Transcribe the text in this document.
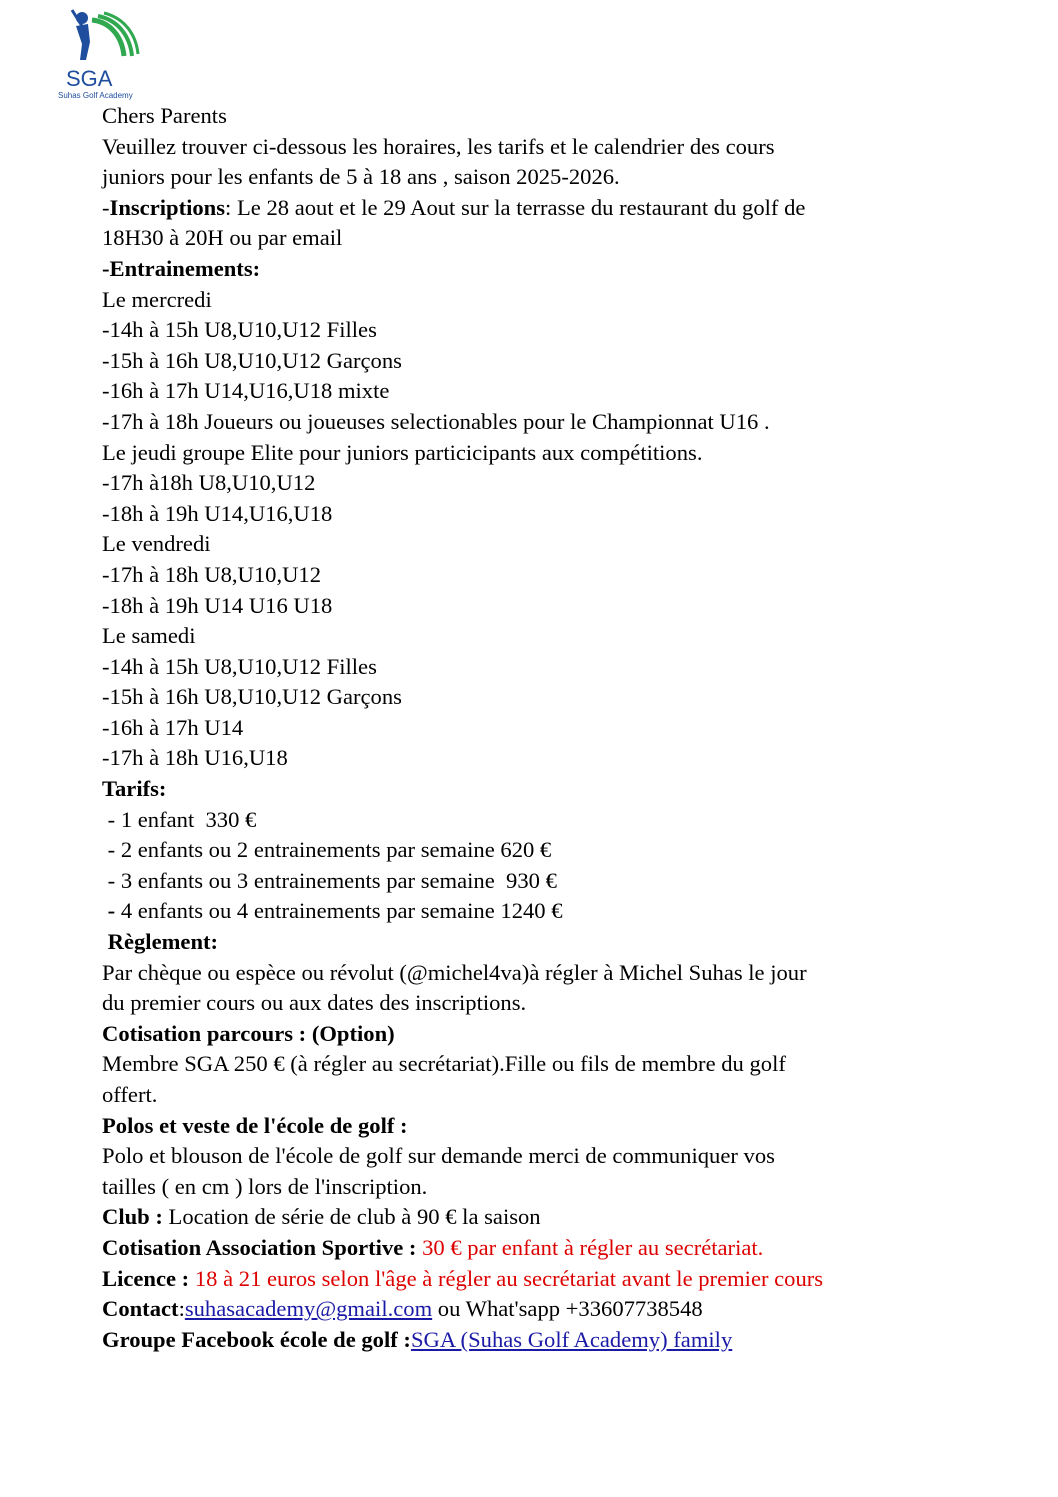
SGA
Suhas Golf Academy
Chers Parents
Veuillez trouver ci-dessous les horaires, les tarifs et le calendrier des cours
juniors pour les enfants de 5 à 18 ans , saison 2025-2026.
-Inscriptions: Le 28 aout et le 29 Aout sur la terrasse du restaurant du golf de
18H30 à 20H ou par email
-Entrainements:
Le mercredi
-14h à 15h U8,U10,U12 Filles
-15h à 16h U8,U10,U12 Garçons
-16h à 17h U14,U16,U18 mixte
-17h à 18h Joueurs ou joueuses selectionables pour le Championnat U16 .
Le jeudi groupe Elite pour juniors particicipants aux compétitions.
-17h à18h U8,U10,U12
-18h à 19h U14,U16,U18
Le vendredi
-17h à 18h U8,U10,U12
-18h à 19h U14 U16 U18
Le samedi
-14h à 15h U8,U10,U12 Filles
-15h à 16h U8,U10,U12 Garçons
-16h à 17h U14
-17h à 18h U16,U18
Tarifs:
- 1 enfant  330 €
- 2 enfants ou 2 entrainements par semaine 620 €
- 3 enfants ou 3 entrainements par semaine  930 €
- 4 enfants ou 4 entrainements par semaine 1240 €
Règlement:
Par chèque ou espèce ou révolut (@michel4va)à régler à Michel Suhas le jour
du premier cours ou aux dates des inscriptions.
Cotisation parcours : (Option)
Membre SGA 250 € (à régler au secrétariat).Fille ou fils de membre du golf
offert.
Polos et veste de l'école de golf :
Polo et blouson de l'école de golf sur demande merci de communiquer vos
tailles ( en cm ) lors de l'inscription.
Club : Location de série de club à 90 € la saison
Cotisation Association Sportive : 30 € par enfant à régler au secrétariat.
Licence : 18 à 21 euros selon l'âge à régler au secrétariat avant le premier cours
Contact:suhasacademy@gmail.com ou What'sapp +33607738548
Groupe Facebook école de golf :SGA (Suhas Golf Academy) family
